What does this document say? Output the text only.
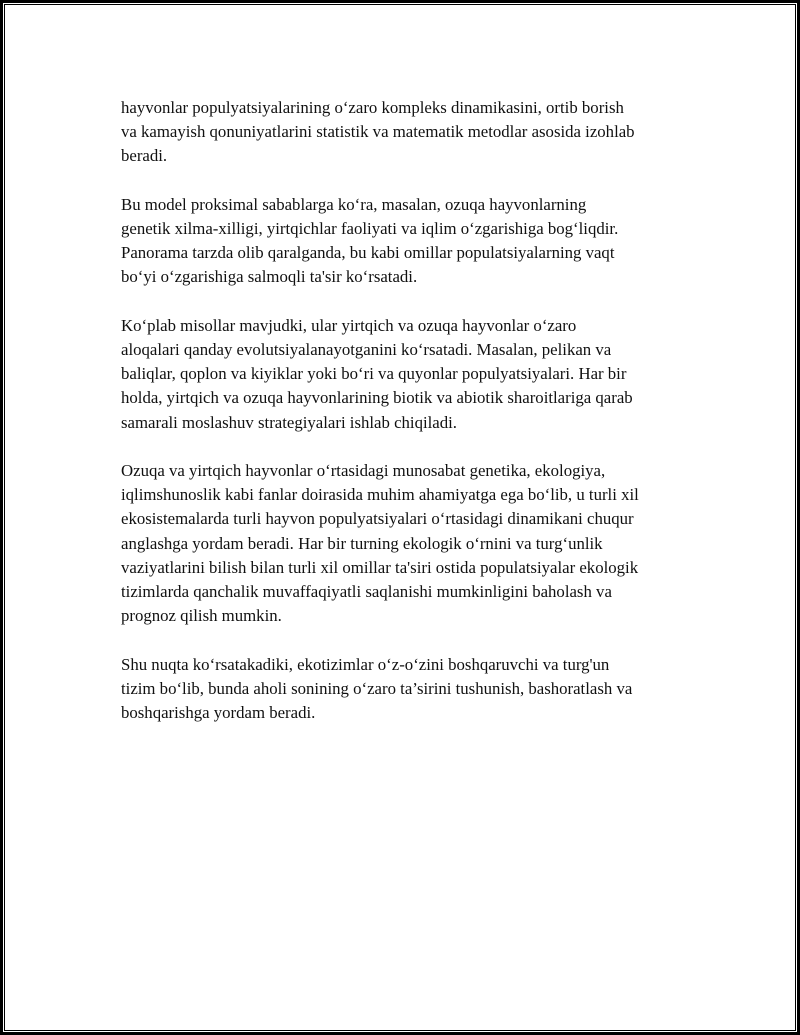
hayvonlar populyatsiyalarining o‘zaro kompleks dinamikasini, ortib borish
va kamayish qonuniyatlarini statistik va matematik metodlar asosida izohlab
beradi.

Bu model proksimal sabablarga ko‘ra, masalan, ozuqa hayvonlarning
genetik xilma-xilligi, yirtqichlar faoliyati va iqlim o‘zgarishiga bog‘liqdir.
Panorama tarzda olib qaralganda, bu kabi omillar populatsiyalarning vaqt
bo‘yi o‘zgarishiga salmoqli ta'sir ko‘rsatadi.

Ko‘plab misollar mavjudki, ular yirtqich va ozuqa hayvonlar o‘zaro
aloqalari qanday evolutsiyalanayotganini ko‘rsatadi. Masalan, pelikan va
baliqlar, qoplon va kiyiklar yoki bo‘ri va quyonlar populyatsiyalari. Har bir
holda, yirtqich va ozuqa hayvonlarining biotik va abiotik sharoitlariga qarab
samarali moslashuv strategiyalari ishlab chiqiladi.

Ozuqa va yirtqich hayvonlar o‘rtasidagi munosabat genetika, ekologiya,
iqlimshunoslik kabi fanlar doirasida muhim ahamiyatga ega bo‘lib, u turli xil
ekosistemalarda turli hayvon populyatsiyalari o‘rtasidagi dinamikani chuqur
anglashga yordam beradi. Har bir turning ekologik o‘rnini va turg‘unlik
vaziyatlarini bilish bilan turli xil omillar ta'siri ostida populatsiyalar ekologik
tizimlarda qanchalik muvaffaqiyatli saqlanishi mumkinligini baholash va
prognoz qilish mumkin.

Shu nuqta ko‘rsatakadiki, ekotizimlar o‘z-o‘zini boshqaruvchi va turg'un
tizim bo‘lib, bunda aholi sonining o‘zaro ta’sirini tushunish, bashoratlash va
boshqarishga yordam beradi.
